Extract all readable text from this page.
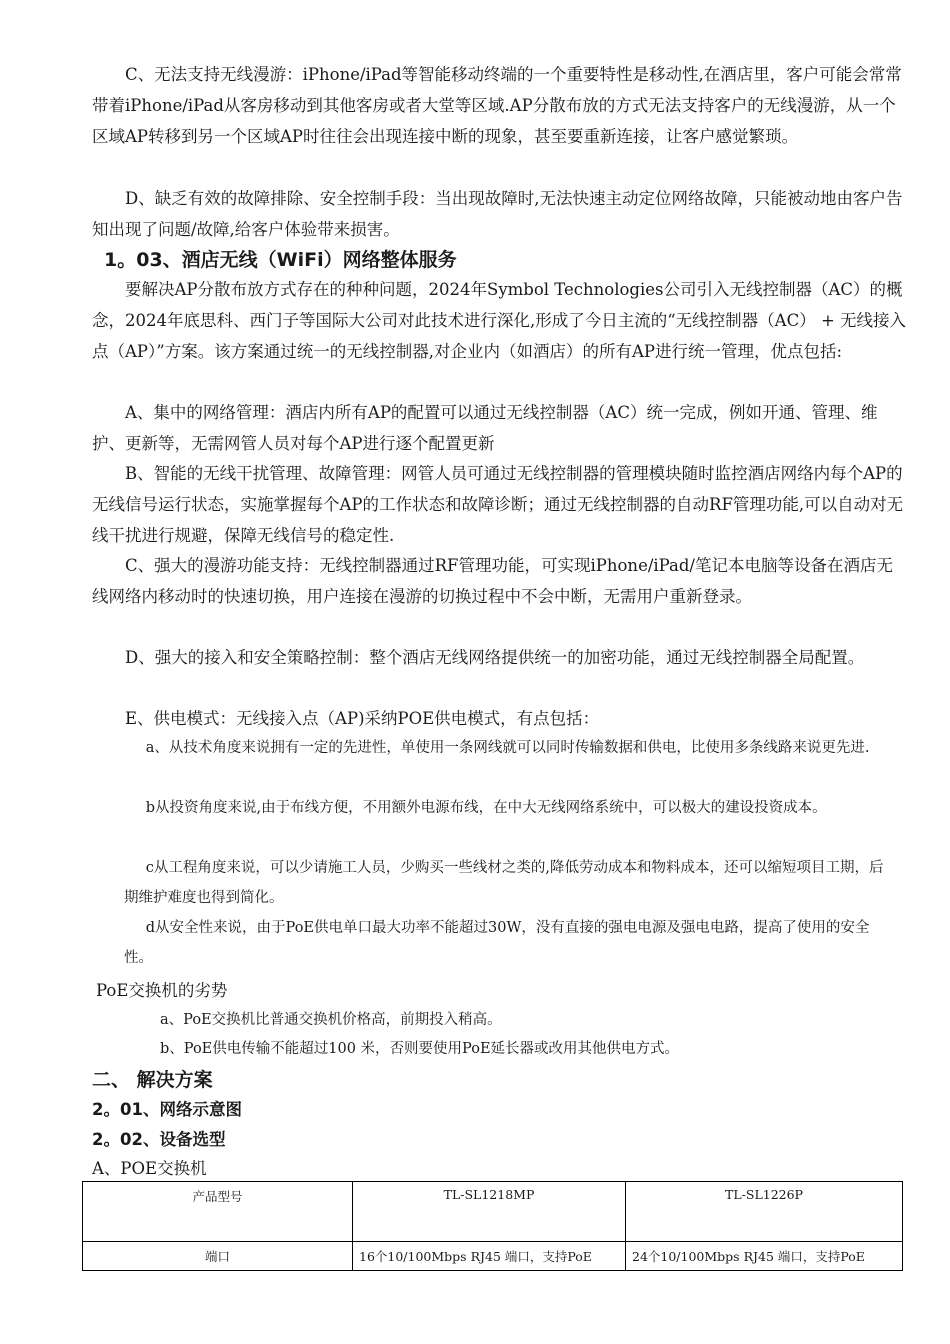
C、无法支持无线漫游：iPhone/iPad等智能移动终端的一个重要特性是移动性,在酒店里，客户可能会常常带着iPhone/iPad从客房移动到其他客房或者大堂等区域.AP分散布放的方式无法支持客户的无线漫游，从一个区域AP转移到另一个区域AP时往往会出现连接中断的现象，甚至要重新连接，让客户感觉繁琐。

D、缺乏有效的故障排除、安全控制手段：当出现故障时,无法快速主动定位网络故障，只能被动地由客户告知出现了问题/故障,给客户体验带来损害。

1。03、酒店无线（WiFi）网络整体服务

要解决AP分散布放方式存在的种种问题，2024年Symbol Technologies公司引入无线控制器（AC）的概念，2024年底思科、西门子等国际大公司对此技术进行深化,形成了今日主流的“无线控制器（AC） + 无线接入点（AP）”方案。该方案通过统一的无线控制器,对企业内（如酒店）的所有AP进行统一管理，优点包括:

A、集中的网络管理：酒店内所有AP的配置可以通过无线控制器（AC）统一完成，例如开通、管理、维护、更新等，无需网管人员对每个AP进行逐个配置更新

B、智能的无线干扰管理、故障管理：网管人员可通过无线控制器的管理模块随时监控酒店网络内每个AP的无线信号运行状态，实施掌握每个AP的工作状态和故障诊断；通过无线控制器的自动RF管理功能,可以自动对无线干扰进行规避，保障无线信号的稳定性.

C、强大的漫游功能支持：无线控制器通过RF管理功能，可实现iPhone/iPad/笔记本电脑等设备在酒店无线网络内移动时的快速切换，用户连接在漫游的切换过程中不会中断，无需用户重新登录。

D、强大的接入和安全策略控制：整个酒店无线网络提供统一的加密功能，通过无线控制器全局配置。

E、供电模式：无线接入点（AP)采纳POE供电模式，有点包括：

a、从技术角度来说拥有一定的先进性，单使用一条网线就可以同时传输数据和供电，比使用多条线路来说更先进.

b从投资角度来说,由于布线方便，不用额外电源布线，在中大无线网络系统中，可以极大的建设投资成本。

c从工程角度来说，可以少请施工人员，少购买一些线材之类的,降低劳动成本和物料成本，还可以缩短项目工期，后期维护难度也得到简化。

d从安全性来说，由于PoE供电单口最大功率不能超过30W，没有直接的强电电源及强电电路，提高了使用的安全性。

PoE交换机的劣势

a、PoE交换机比普通交换机价格高，前期投入稍高。

b、PoE供电传输不能超过100 米，否则要使用PoE延长器或改用其他供电方式。

二、 解决方案
2。01、网络示意图
2。02、设备选型

A、POE交换机

产品型号	TL-SL1218MP	TL-SL1226P
端口	16个10/100Mbps RJ45 端口，支持PoE	24个10/100Mbps RJ45 端口，支持PoE
